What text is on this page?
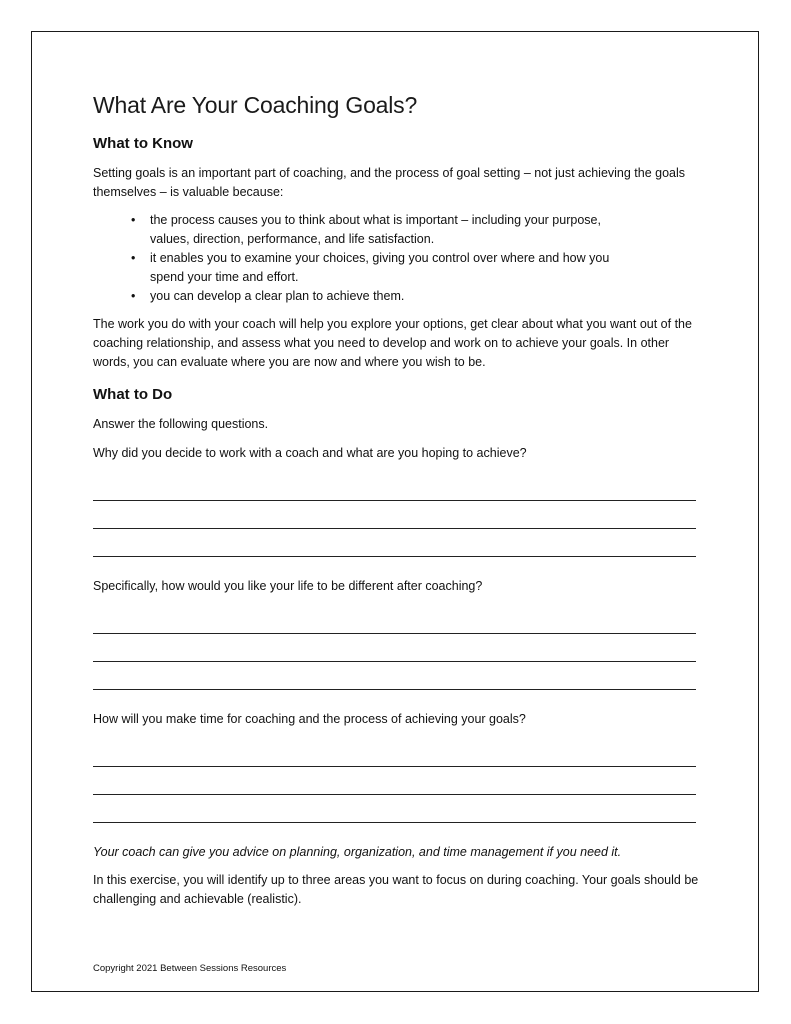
What Are Your Coaching Goals?
What to Know

Setting goals is an important part of coaching, and the process of goal setting – not just achieving the goals themselves – is valuable because:

• the process causes you to think about what is important – including your purpose, values, direction, performance, and life satisfaction.
• it enables you to examine your choices, giving you control over where and how you spend your time and effort.
• you can develop a clear plan to achieve them.

The work you do with your coach will help you explore your options, get clear about what you want out of the coaching relationship, and assess what you need to develop and work on to achieve your goals. In other words, you can evaluate where you are now and where you wish to be.

What to Do

Answer the following questions.

Why did you decide to work with a coach and what are you hoping to achieve?

Specifically, how would you like your life to be different after coaching?

How will you make time for coaching and the process of achieving your goals?

Your coach can give you advice on planning, organization, and time management if you need it.

In this exercise, you will identify up to three areas you want to focus on during coaching. Your goals should be challenging and achievable (realistic).

Copyright 2021 Between Sessions Resources
